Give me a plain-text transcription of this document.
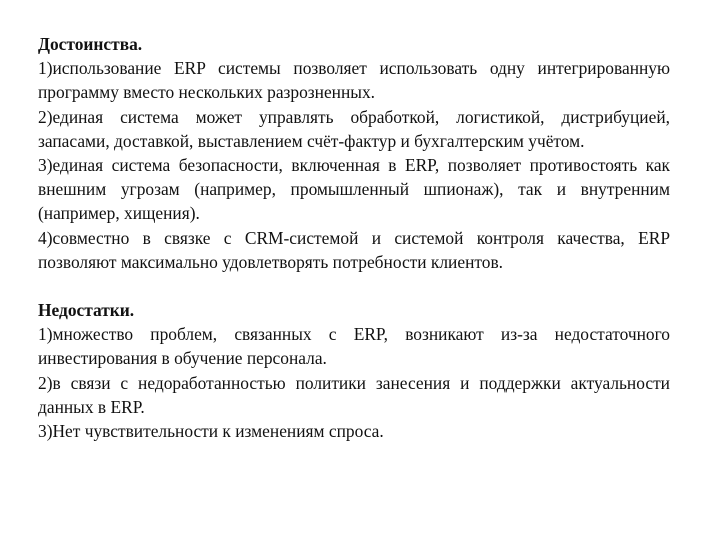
Достоинства.

1)использование ERP системы позволяет использовать одну интегрированную программу вместо нескольких разрозненных.

2)единая система может управлять обработкой, логистикой, дистрибуцией, запасами, доставкой, выставлением счёт-фактур и бухгалтерским учётом.

3)единая система безопасности, включенная в ERP, позволяет противостоять как внешним угрозам (например, промышленный шпионаж), так и внутренним (например, хищения).

4)совместно в связке с CRM-системой и системой контроля качества, ERP позволяют максимально удовлетворять потребности клиентов.

Недостатки.

1)множество проблем, связанных с ERP, возникают из-за недостаточного инвестирования в обучение персонала.

2)в связи с недоработанностью политики занесения и поддержки актуальности данных в ERP.

3)Нет чувствительности к изменениям спроса.
